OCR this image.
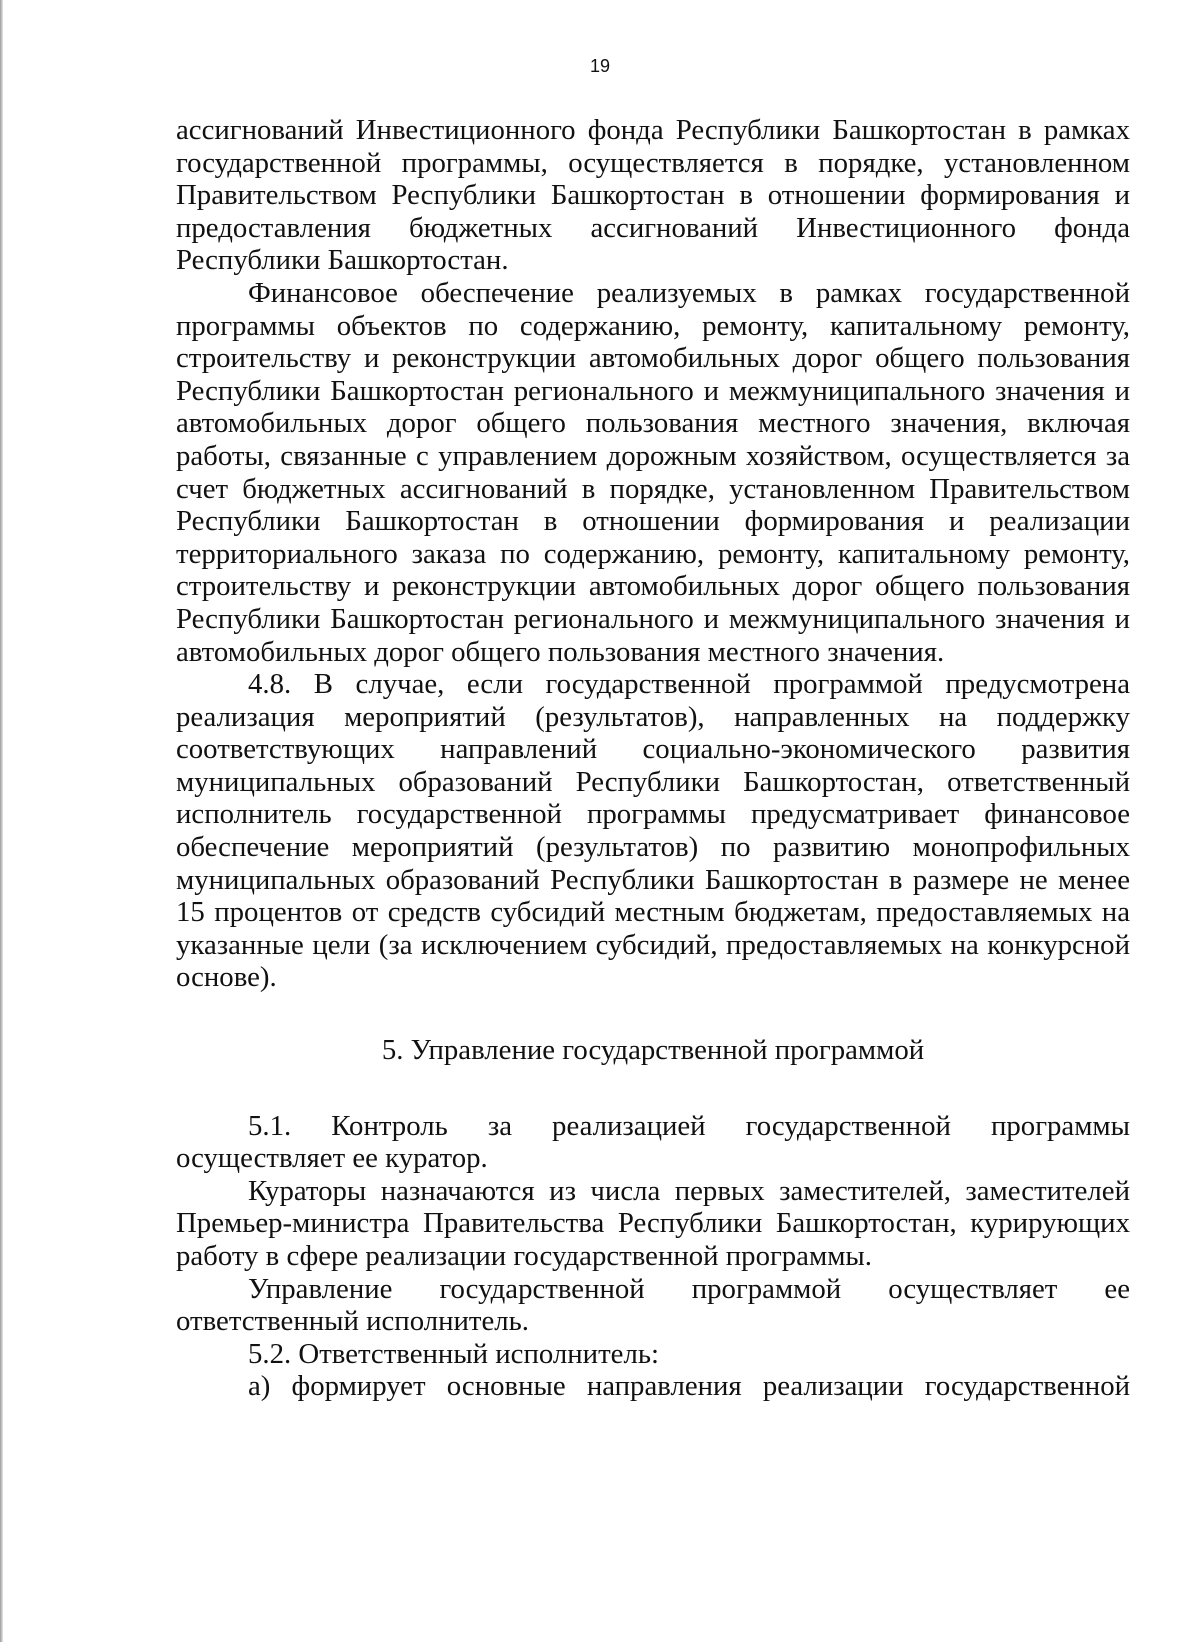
19

ассигнований Инвестиционного фонда Республики Башкортостан в рамках государственной программы, осуществляется в порядке, установленном Правительством Республики Башкортостан в отношении формирования и предоставления бюджетных ассигнований Инвестиционного фонда Республики Башкортостан.

Финансовое обеспечение реализуемых в рамках государственной программы объектов по содержанию, ремонту, капитальному ремонту, строительству и реконструкции автомобильных дорог общего пользования Республики Башкортостан регионального и межмуниципального значения и автомобильных дорог общего пользования местного значения, включая работы, связанные с управлением дорожным хозяйством, осуществляется за счет бюджетных ассигнований в порядке, установленном Правительством Республики Башкортостан в отношении формирования и реализации территориального заказа по содержанию, ремонту, капитальному ремонту, строительству и реконструкции автомобильных дорог общего пользования Республики Башкортостан регионального и межмуниципального значения и автомобильных дорог общего пользования местного значения.

4.8. В случае, если государственной программой предусмотрена реализация мероприятий (результатов), направленных на поддержку соответствующих направлений социально-экономического развития муниципальных образований Республики Башкортостан, ответственный исполнитель государственной программы предусматривает финансовое обеспечение мероприятий (результатов) по развитию монопрофильных муниципальных образований Республики Башкортостан в размере не менее 15 процентов от средств субсидий местным бюджетам, предоставляемых на указанные цели (за исключением субсидий, предоставляемых на конкурсной основе).

5. Управление государственной программой

5.1. Контроль за реализацией государственной программы осуществляет ее куратор.

Кураторы назначаются из числа первых заместителей, заместителей Премьер-министра Правительства Республики Башкортостан, курирующих работу в сфере реализации государственной программы.

Управление государственной программой осуществляет ее ответственный исполнитель.

5.2. Ответственный исполнитель:

а) формирует основные направления реализации государственной
